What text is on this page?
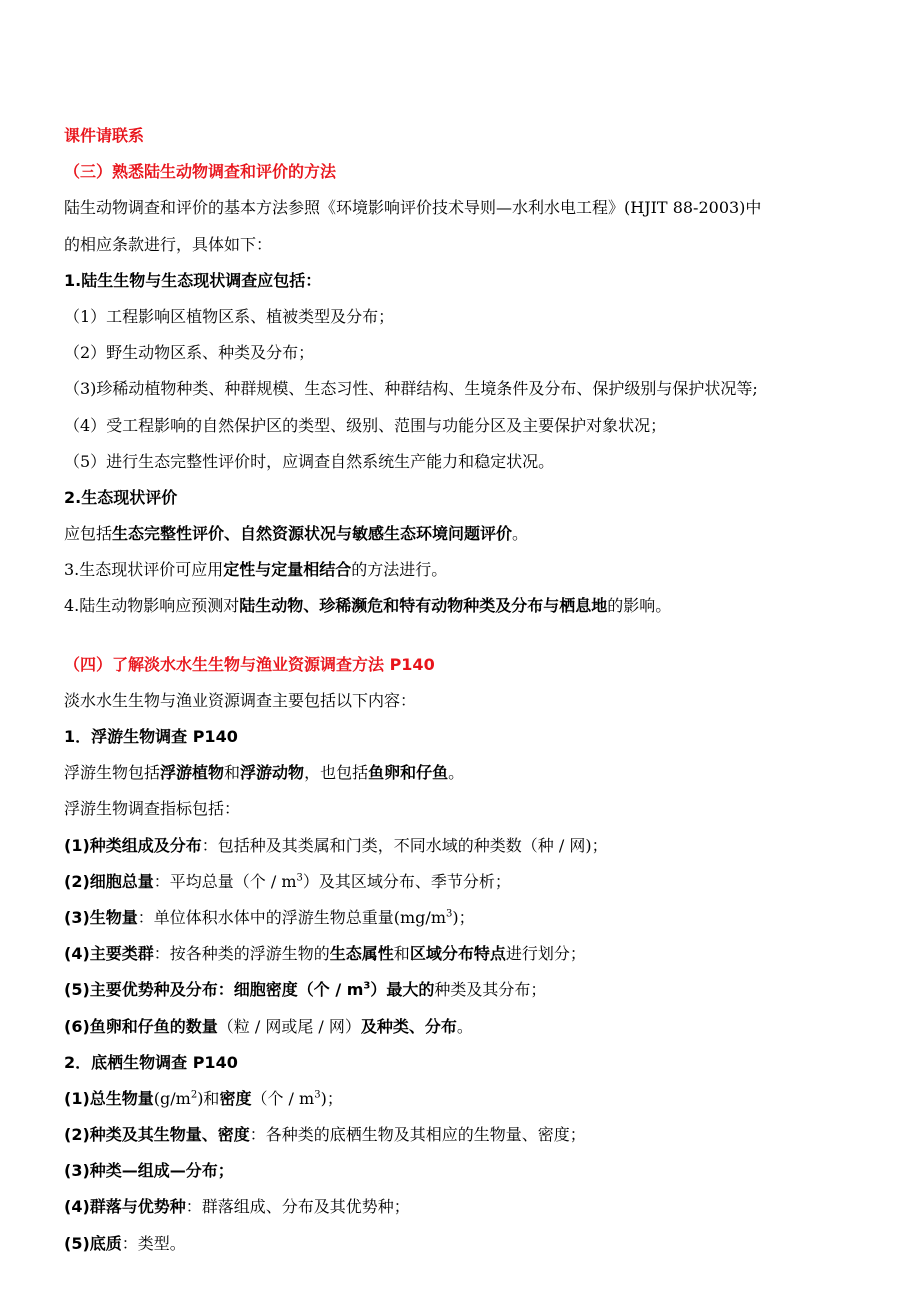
课件请联系
（三）熟悉陆生动物调查和评价的方法
陆生动物调查和评价的基本方法参照《环境影响评价技术导则—水利水电工程》(HJIT 88-2003)中
的相应条款进行，具体如下：
1.陆生生物与生态现状调查应包括：
（1）工程影响区植物区系、植被类型及分布；
（2）野生动物区系、种类及分布；
（3)珍稀动植物种类、种群规模、生态习性、种群结构、生境条件及分布、保护级别与保护状况等;
（4）受工程影响的自然保护区的类型、级别、范围与功能分区及主要保护对象状况；
（5）进行生态完整性评价时，应调查自然系统生产能力和稳定状况。
2.生态现状评价
应包括生态完整性评价、自然资源状况与敏感生态环境问题评价。
3.生态现状评价可应用定性与定量相结合的方法进行。
4.陆生动物影响应预测对陆生动物、珍稀濒危和特有动物种类及分布与栖息地的影响。
（四）了解淡水水生生物与渔业资源调查方法 P140
淡水水生生物与渔业资源调查主要包括以下内容：
1．浮游生物调查 P140
浮游生物包括浮游植物和浮游动物，也包括鱼卵和仔鱼。
浮游生物调查指标包括：
(1)种类组成及分布：包括种及其类属和门类，不同水域的种类数（种 / 网)；
(2)细胞总量：平均总量（个 / $m^3$）及其区域分布、季节分析；
(3)生物量：单位体积水体中的浮游生物总重量$(mg/m^3)$；
(4)主要类群：按各种类的浮游生物的生态属性和区域分布特点进行划分；
(5)主要优势种及分布：细胞密度（个 / $m^3$）最大的种类及其分布；
(6)鱼卵和仔鱼的数量（粒 / 网或尾 / 网）及种类、分布。
2．底栖生物调查 P140
(1)总生物量$(g/m^2)$和密度（个 / $m^3$)；
(2)种类及其生物量、密度：各种类的底栖生物及其相应的生物量、密度；
(3)种类—组成—分布；
(4)群落与优势种：群落组成、分布及其优势种；
(5)底质：类型。
